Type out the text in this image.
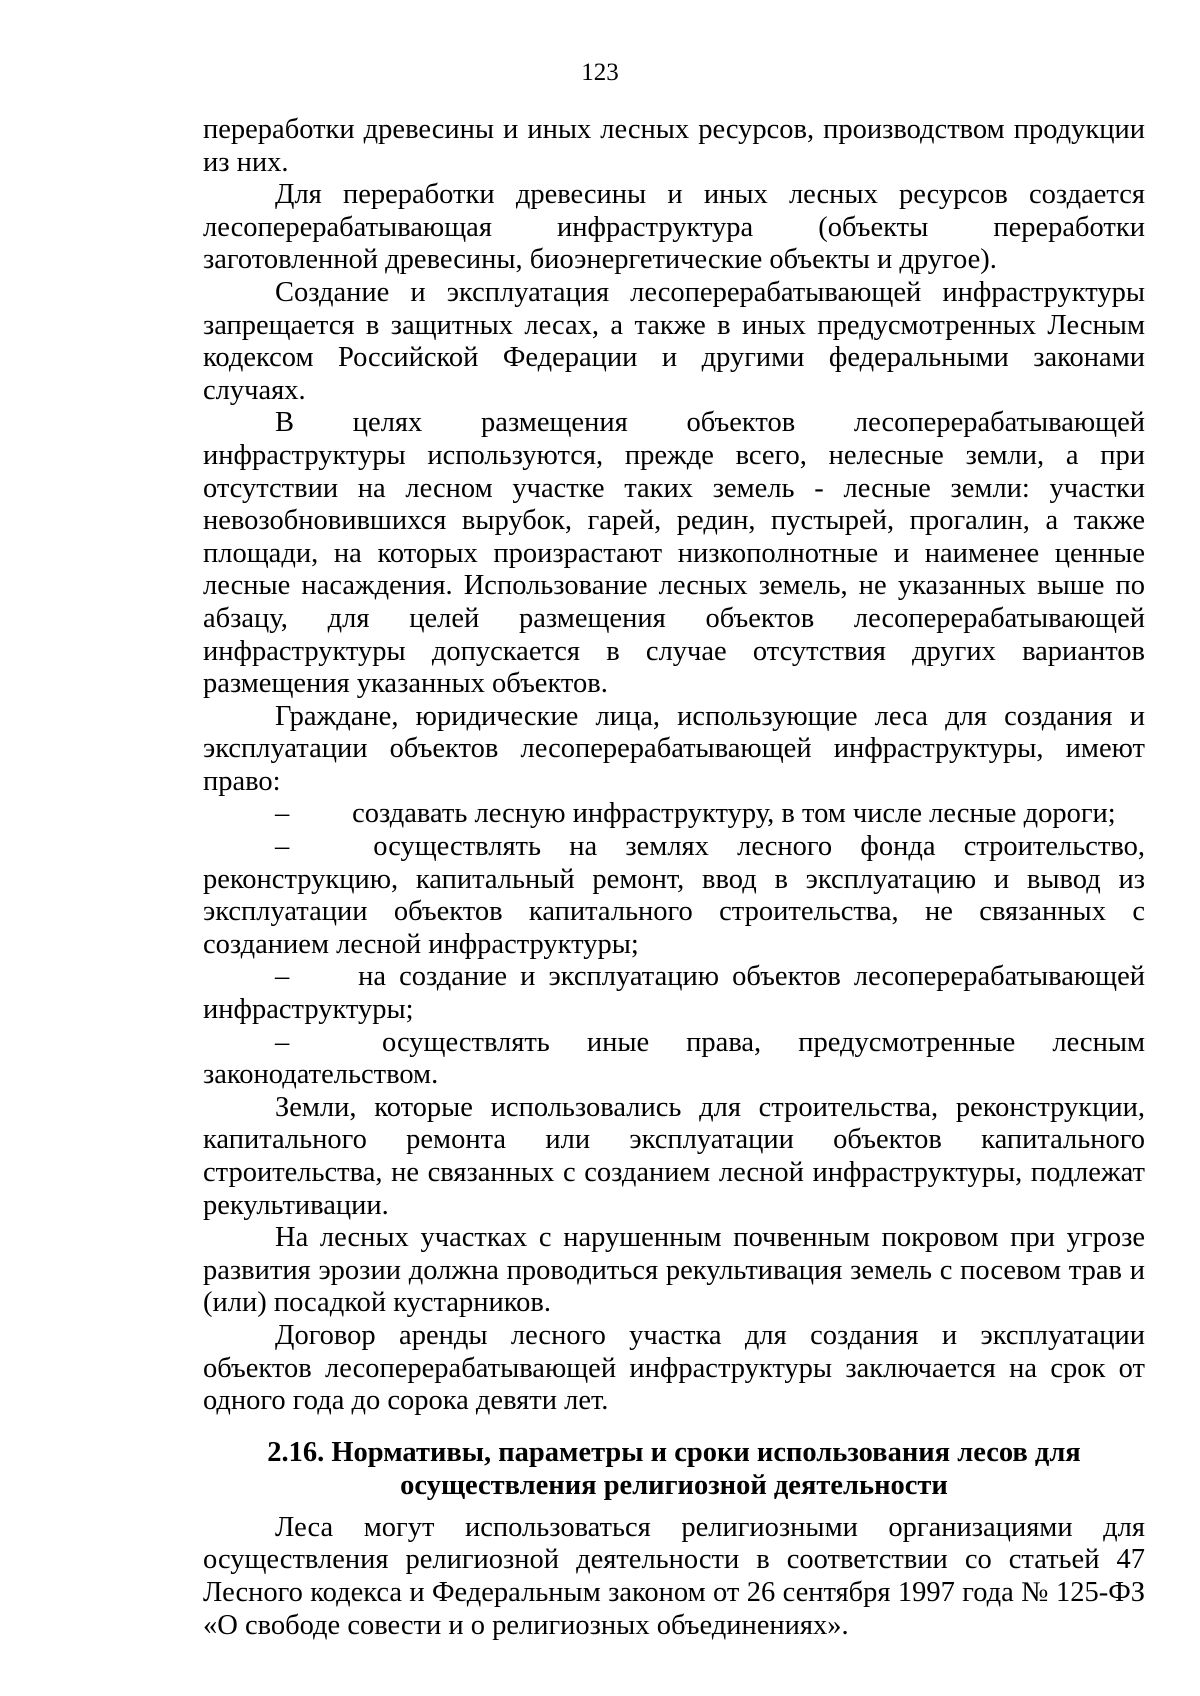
123

переработки древесины и иных лесных ресурсов, производством продукции из них.

Для переработки древесины и иных лесных ресурсов создается лесоперерабатывающая инфраструктура (объекты переработки заготовленной древесины, биоэнергетические объекты и другое).

Создание и эксплуатация лесоперерабатывающей инфраструктуры запрещается в защитных лесах, а также в иных предусмотренных Лесным кодексом Российской Федерации и другими федеральными законами случаях.

В целях размещения объектов лесоперерабатывающей инфраструктуры используются, прежде всего, нелесные земли, а при отсутствии на лесном участке таких земель - лесные земли: участки невозобновившихся вырубок, гарей, редин, пустырей, прогалин, а также площади, на которых произрастают низкополнотные и наименее ценные лесные насаждения. Использование лесных земель, не указанных выше по абзацу, для целей размещения объектов лесоперерабатывающей инфраструктуры допускается в случае отсутствия других вариантов размещения указанных объектов.

Граждане, юридические лица, использующие леса для создания и эксплуатации объектов лесоперерабатывающей инфраструктуры, имеют право:

– создавать лесную инфраструктуру, в том числе лесные дороги;

–	осуществлять на землях лесного фонда строительство, реконструкцию, капитальный ремонт, ввод в эксплуатацию и вывод из эксплуатации объектов капитального строительства, не связанных с созданием лесной инфраструктуры;

– на создание и эксплуатацию объектов лесоперерабатывающей инфраструктуры;

–	осуществлять иные права, предусмотренные лесным законодательством.

Земли, которые использовались для строительства, реконструкции, капитального ремонта или эксплуатации объектов капитального строительства, не связанных с созданием лесной инфраструктуры, подлежат рекультивации.

На лесных участках с нарушенным почвенным покровом при угрозе развития эрозии должна проводиться рекультивация земель с посевом трав и (или) посадкой кустарников.

Договор аренды лесного участка для создания и эксплуатации объектов лесоперерабатывающей инфраструктуры заключается на срок от одного года до сорока девяти лет.

2.16. Нормативы, параметры и сроки использования лесов для осуществления религиозной деятельности

Леса могут использоваться религиозными организациями для осуществления религиозной деятельности в соответствии со статьей 47 Лесного кодекса и Федеральным законом от 26 сентября 1997 года № 125-ФЗ «О свободе совести и о религиозных объединениях».
